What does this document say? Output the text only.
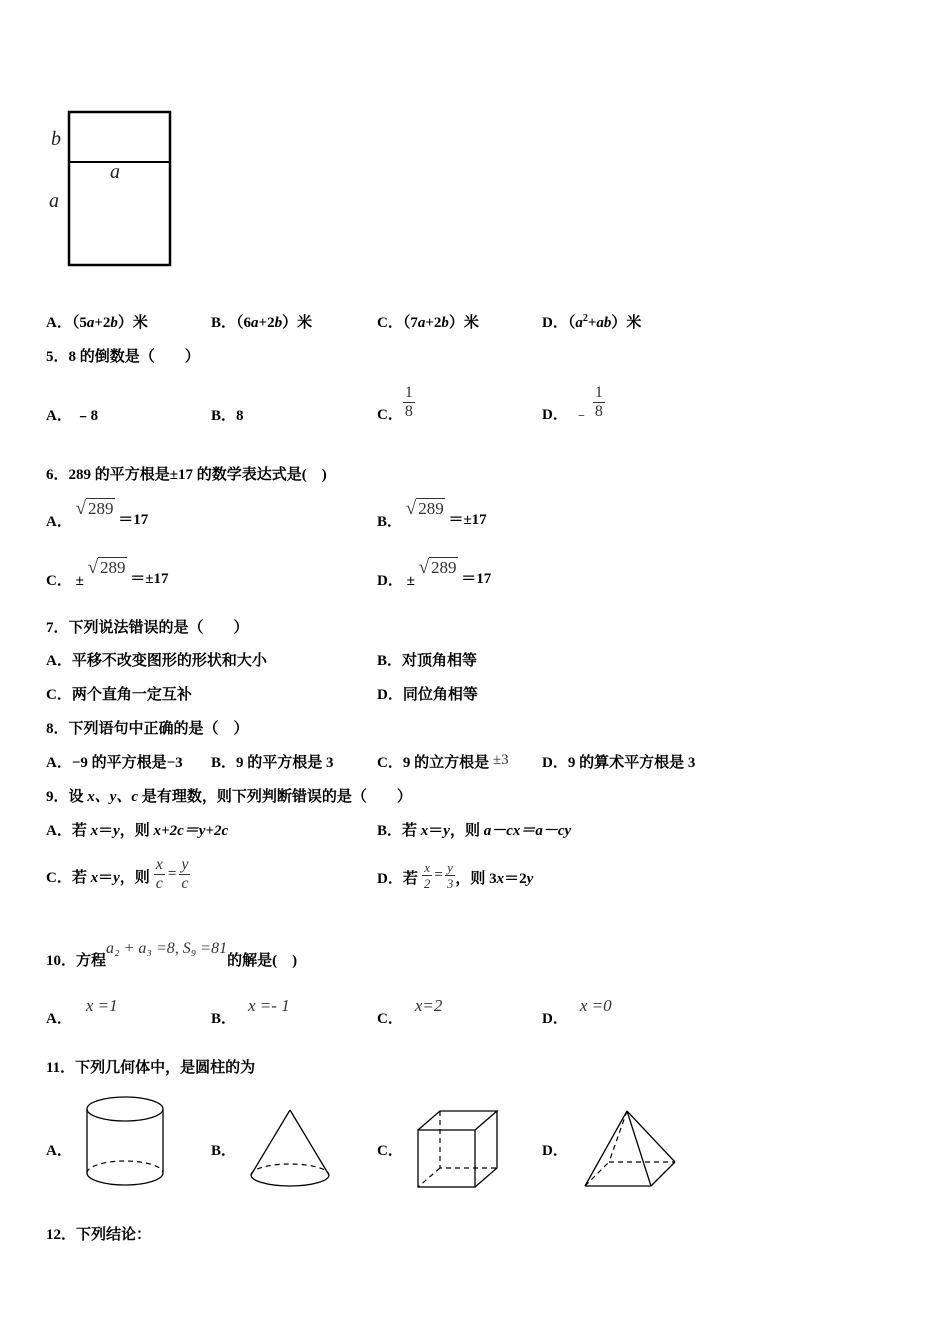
b
a
a
A．（5a+2b）米	B．（6a+2b）米	C．（7a+2b）米	D．$(a^2+ab)$米
5．8 的倒数是（　　）
A． ﹣8	B．8	C． $\frac{1}{8}$	D． ﹣ $\frac{1}{8}$
6．289 的平方根是±17 的数学表达式是(　)
A． √ 289 ＝17	B． √ 289 ＝±17
C． ± √ 289 ＝±17	D． ± √ 289 ＝17
7．下列说法错误的是（　　）
A．平移不改变图形的形状和大小	B．对顶角相等
C．两个直角一定互补	D．同位角相等
8．下列语句中正确的是（　）
A．−9 的平方根是−3 B．9 的平方根是 3	C．9 的立方根是 ±3 D．9 的算术平方根是 3
9．设 x、y、c 是有理数，则下列判断错误的是（　　）
A．若 x＝y，则 x+2c＝y+2c	B．若 x＝y，则 a－cx＝a－cy
C．若 x＝y，则 $\frac{x}{c} = \frac{y}{c}$	D．若 $\frac{x}{2} = \frac{y}{3}$ ，则 3x＝2y
10．方程a₂ + a₃ =8, S₉ =81的解是(　)
A．x =1
B．x =- 1
C．x=2
D．x =0
11．下列几何体中，是圆柱的为
A．	B．	C．	D．
12．下列结论：
